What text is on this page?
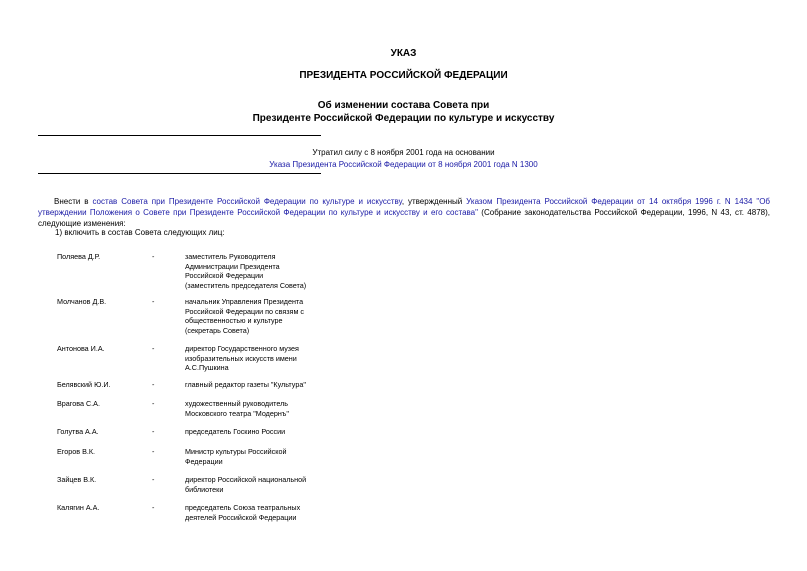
УКАЗ
ПРЕЗИДЕНТА РОССИЙСКОЙ ФЕДЕРАЦИИ
Об изменении состава Совета при
Президенте Российской Федерации по культуре и искусству
Утратил силу с 8 ноября 2001 года на основании
Указа Президента Российской Федерации от 8 ноября 2001 года N 1300
Внести в состав Совета при Президенте Российской Федерации по культуре и искусству, утвержденный Указом Президента Российской Федерации от 14 октября 1996 г. N 1434 "Об утверждении Положения о Совете при Президенте Российской Федерации по культуре и искусству и его состава" (Собрание законодательства Российской Федерации, 1996, N 43, ст. 4878), следующие изменения:
1) включить в состав Совета следующих лиц:
Поляева Д.Р.	-	заместитель Руководителя
Администрации Президента
Российской Федерации
(заместитель председателя Совета)
Молчанов Д.В.	-	начальник Управления Президента
Российской Федерации по связям с
общественностью и культуре
(секретарь Совета)
Антонова И.А.	-	директор Государственного музея
изобразительных искусств имени
А.С.Пушкина
Белявский Ю.И.	-	главный редактор газеты "Культура"
Врагова С.А.	-	художественный руководитель
Московского театра "Модернъ"
Голутва А.А.	-	председатель Госкино России
Егоров В.К.	-	Министр культуры Российской
Федерации
Зайцев В.К.	-	директор Российской национальной
библиотеки
Калягин А.А.	-	председатель Союза театральных
деятелей Российской Федерации
